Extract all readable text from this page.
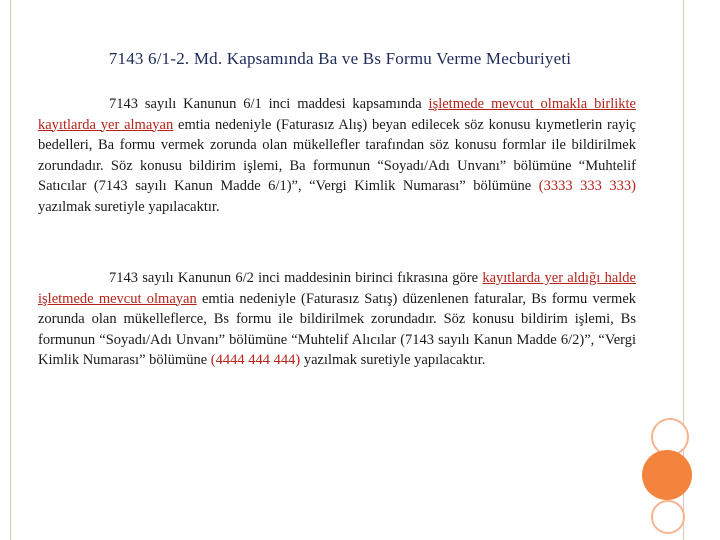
7143 6/1-2. Md. Kapsamında Ba ve Bs Formu Verme Mecburiyeti

7143 sayılı Kanunun 6/1 inci maddesi kapsamında işletmede mevcut olmakla birlikte kayıtlarda yer almayan emtia nedeniyle (Faturasız Alış) beyan edilecek söz konusu kıymetlerin rayiç bedelleri, Ba formu vermek zorunda olan mükellefler tarafından söz konusu formlar ile bildirilmek zorundadır. Söz konusu bildirim işlemi, Ba formunun “Soyadı/Adı Unvanı” bölümüne “Muhtelif Satıcılar (7143 sayılı Kanun Madde 6/1)”, “Vergi Kimlik Numarası” bölümüne (3333 333 333) yazılmak suretiyle yapılacaktır.

7143 sayılı Kanunun 6/2 inci maddesinin birinci fıkrasına göre kayıtlarda yer aldığı halde işletmede mevcut olmayan emtia nedeniyle (Faturasız Satış) düzenlenen faturalar, Bs formu vermek zorunda olan mükelleflerce, Bs formu ile bildirilmek zorundadır. Söz konusu bildirim işlemi, Bs formunun “Soyadı/Adı Unvanı” bölümüne “Muhtelif Alıcılar (7143 sayılı Kanun Madde 6/2)”, “Vergi Kimlik Numarası” bölümüne (4444 444 444) yazılmak suretiyle yapılacaktır.
